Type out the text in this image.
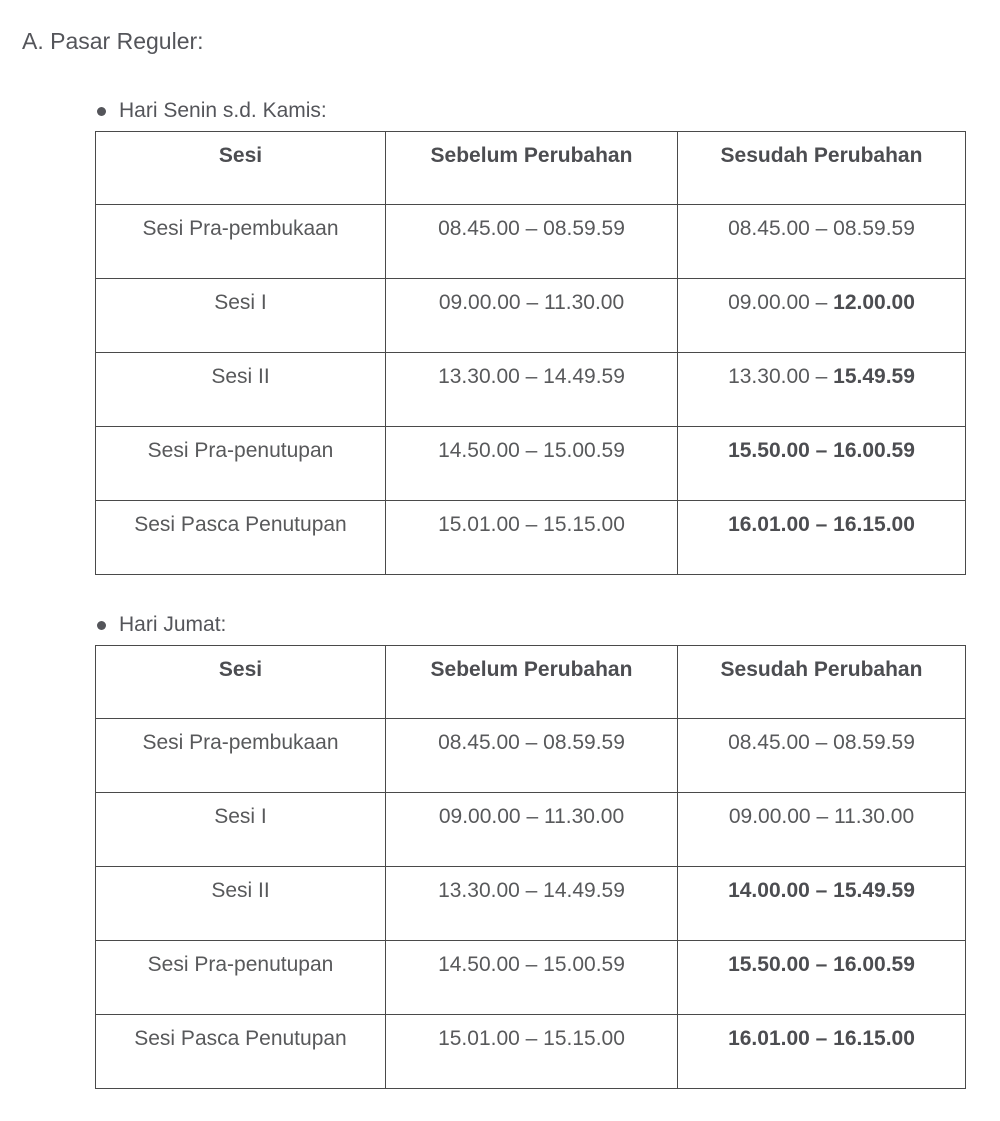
A. Pasar Reguler:

Hari Senin s.d. Kamis:
Sesi	Sebelum Perubahan	Sesudah Perubahan
Sesi Pra-pembukaan	08.45.00 – 08.59.59	08.45.00 – 08.59.59
Sesi I	09.00.00 – 11.30.00	09.00.00 – 12.00.00
Sesi II	13.30.00 – 14.49.59	13.30.00 – 15.49.59
Sesi Pra-penutupan	14.50.00 – 15.00.59	15.50.00 – 16.00.59
Sesi Pasca Penutupan	15.01.00 – 15.15.00	16.01.00 – 16.15.00
Hari Jumat:
Sesi	Sebelum Perubahan	Sesudah Perubahan
Sesi Pra-pembukaan	08.45.00 – 08.59.59	08.45.00 – 08.59.59
Sesi I	09.00.00 – 11.30.00	09.00.00 – 11.30.00
Sesi II	13.30.00 – 14.49.59	14.00.00 – 15.49.59
Sesi Pra-penutupan	14.50.00 – 15.00.59	15.50.00 – 16.00.59
Sesi Pasca Penutupan	15.01.00 – 15.15.00	16.01.00 – 16.15.00
